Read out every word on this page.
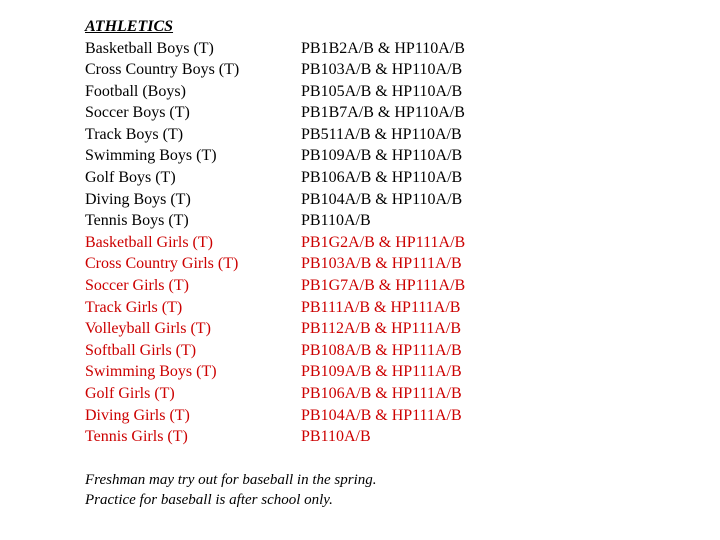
ATHLETICS
Basketball Boys (T)
Cross Country Boys (T)
Football (Boys)
Soccer Boys (T)
Track Boys (T)
Swimming Boys (T)
Golf Boys (T)
Diving Boys (T)
Tennis Boys (T)
Basketball Girls (T)
Cross Country Girls (T)
Soccer Girls (T)
Track Girls (T)
Volleyball Girls (T)
Softball Girls (T)
Swimming Boys (T)
Golf Girls (T)
Diving Girls (T)
Tennis Girls (T)
PB1B2A/B & HP110A/B
PB103A/B & HP110A/B
PB105A/B & HP110A/B
PB1B7A/B & HP110A/B
PB511A/B & HP110A/B
PB109A/B & HP110A/B
PB106A/B & HP110A/B
PB104A/B & HP110A/B
PB110A/B
PB1G2A/B & HP111A/B
PB103A/B & HP111A/B
PB1G7A/B & HP111A/B
PB111A/B & HP111A/B
PB112A/B & HP111A/B
PB108A/B & HP111A/B
PB109A/B & HP111A/B
PB106A/B & HP111A/B
PB104A/B & HP111A/B
PB110A/B
Freshman may try out for baseball in the spring.
Practice for baseball is after school only.
